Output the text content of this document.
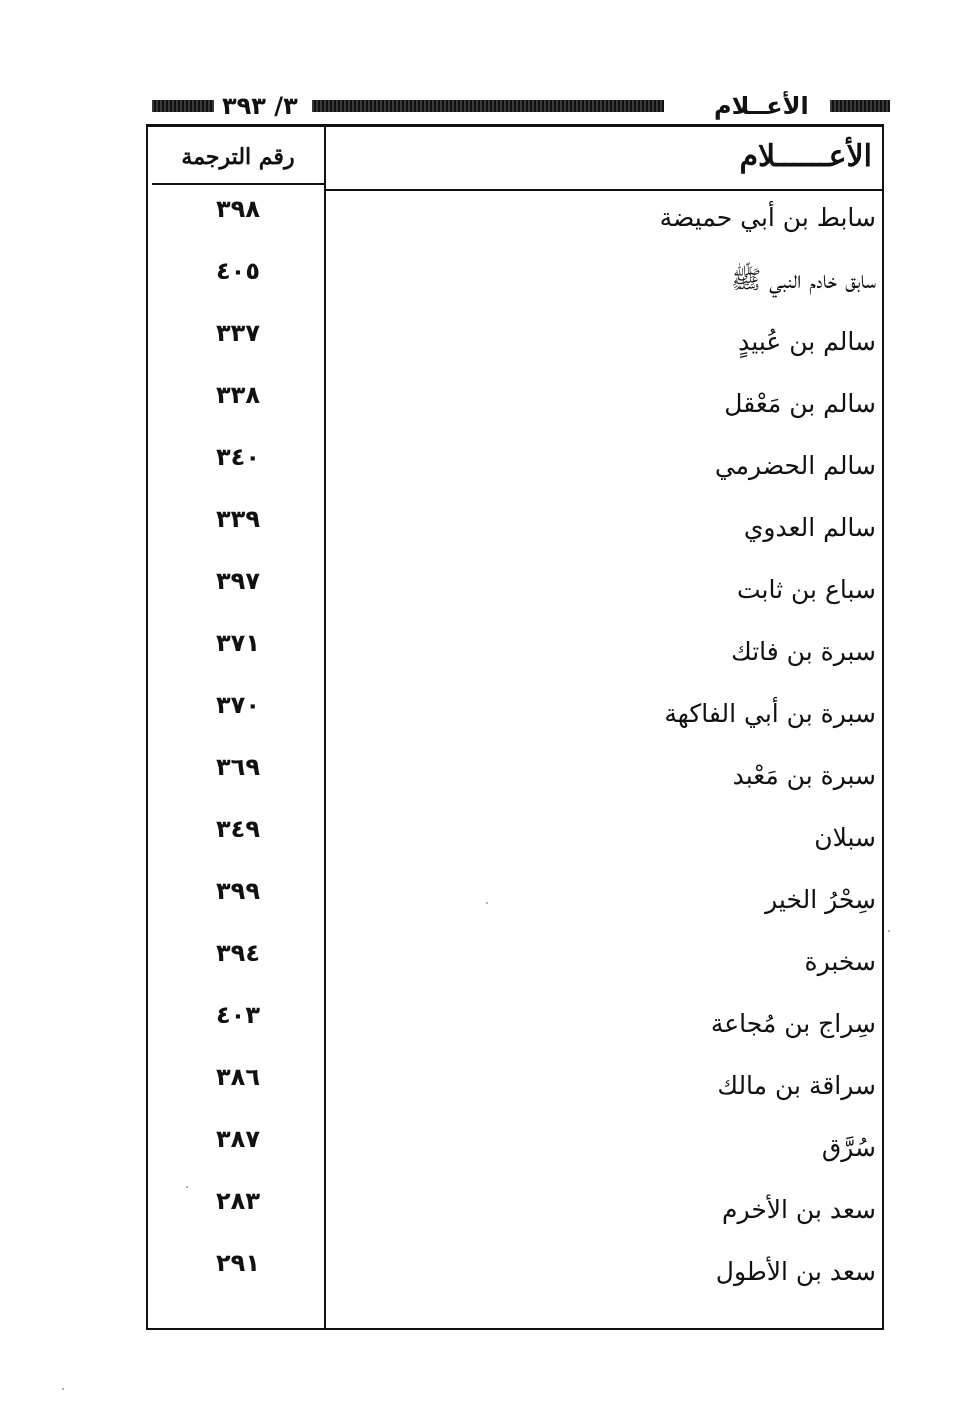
٣/ ٣٩٣	الأعــلام
الأعــــــلام
رقم الترجمة
سابط بن أبي حميضة
٣٩٨
سابق خادم النبي ﷺ
٤٠٥
سالم بن عُبيدٍ
٣٣٧
سالم بن مَعْقل
٣٣٨
سالم الحضرمي
٣٤٠
سالم العدوي
٣٣٩
سباع بن ثابت
٣٩٧
سبرة بن فاتك
٣٧١
سبرة بن أبي الفاكهة
٣٧٠
سبرة بن مَعْبد
٣٦٩
سبلان
٣٤٩
سِحْرُ الخير
٣٩٩
سخبرة
٣٩٤
سِراج بن مُجاعة
٤٠٣
سراقة بن مالك
٣٨٦
سُرَّق
٣٨٧
سعد بن الأخرم
٢٨٣
سعد بن الأطول
٢٩١
